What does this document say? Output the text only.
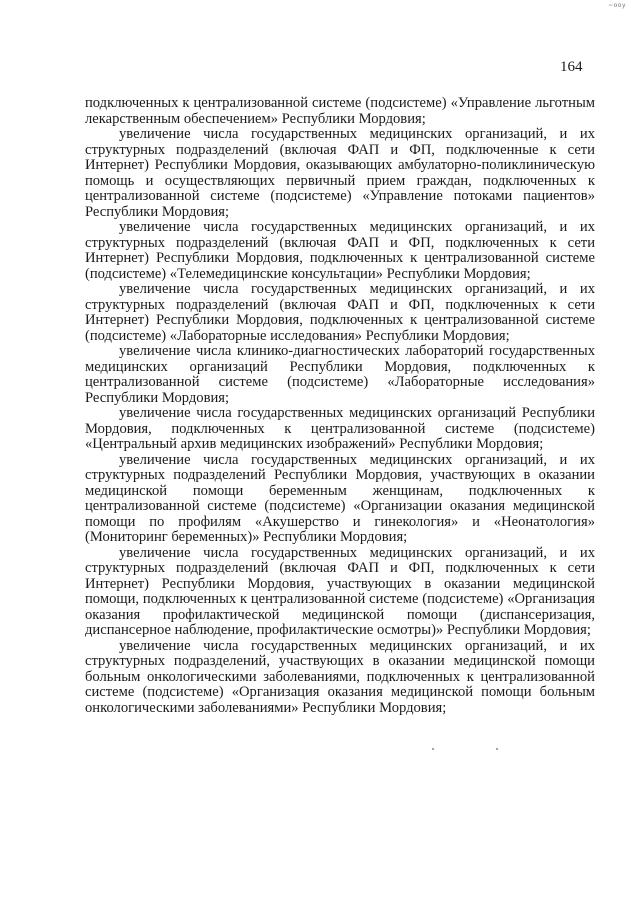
~ooy
164

подключенных к централизованной системе (подсистеме) «Управление льготным лекарственным обеспечением» Республики Мордовия;

увеличение числа государственных медицинских организаций, и их структурных подразделений (включая ФАП и ФП, подключенные к сети Интернет) Республики Мордовия, оказывающих амбулаторно-поликлиническую помощь и осуществляющих первичный прием граждан, подключенных к централизованной системе (подсистеме) «Управление потоками пациентов» Республики Мордовия;

увеличение числа государственных медицинских организаций, и их структурных подразделений (включая ФАП и ФП, подключенных к сети Интернет) Республики Мордовия, подключенных к централизованной системе (подсистеме) «Телемедицинские консультации» Республики Мордовия;

увеличение числа государственных медицинских организаций, и их структурных подразделений (включая ФАП и ФП, подключенных к сети Интернет) Республики Мордовия, подключенных к централизованной системе (подсистеме) «Лабораторные исследования» Республики Мордовия;

увеличение числа клинико-диагностических лабораторий государственных медицинских организаций Республики Мордовия, подключенных к централизованной системе (подсистеме) «Лабораторные исследования» Республики Мордовия;

увеличение числа государственных медицинских организаций Республики Мордовия, подключенных к централизованной системе (подсистеме) «Центральный архив медицинских изображений» Республики Мордовия;

увеличение числа государственных медицинских организаций, и их структурных подразделений Республики Мордовия, участвующих в оказании медицинской помощи беременным женщинам, подключенных к централизованной системе (подсистеме) «Организации оказания медицинской помощи по профилям «Акушерство и гинекология» и «Неонатология» (Мониторинг беременных)» Республики Мордовия;

увеличение числа государственных медицинских организаций, и их структурных подразделений (включая ФАП и ФП, подключенных к сети Интернет) Республики Мордовия, участвующих в оказании медицинской помощи, подключенных к централизованной системе (подсистеме) «Организация оказания профилактической медицинской помощи (диспансеризация, диспансерное наблюдение, профилактические осмотры)» Республики Мордовия;

увеличение числа государственных медицинских организаций, и их структурных подразделений, участвующих в оказании медицинской помощи больным онкологическими заболеваниями, подключенных к централизованной системе (подсистеме) «Организация оказания медицинской помощи больным онкологическими заболеваниями» Республики Мордовия;
